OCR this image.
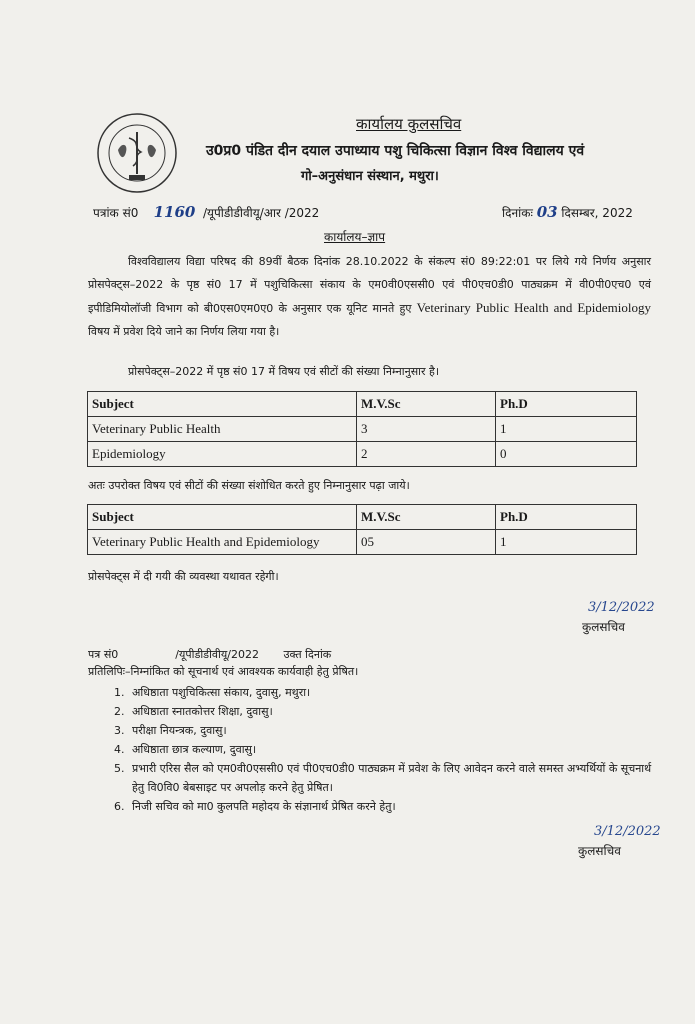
कार्यालय कुलसचिव
उ0प्र0 पंडित दीन दयाल उपाध्याय पशु चिकित्सा विज्ञान विश्व विद्यालय एवं
गो–अनुसंधान संस्थान, मथुरा।
पत्रांक सं0 1160 /यूपीडीडीवीयू/आर /2022	दिनांकः 03 दिसम्बर, 2022
कार्यालय–ज्ञाप

विश्वविद्यालय विद्या परिषद की 89वीं बैठक दिनांक 28.10.2022 के संकल्प सं0 89:22:01 पर लिये गये निर्णय अनुसार प्रोसपेक्ट्स–2022 के पृष्ठ सं0 17 में पशुचिकित्सा संकाय के एम0वी0एससी0 एवं पी0एच0डी0 पाठ्यक्रम में वी0पी0एच0 एवं इपीडिमियोलॉजी विभाग को बी0एस0एम0ए0 के अनुसार एक यूनिट मानते हुए Veterinary Public Health and Epidemiology विषय में प्रवेश दिये जाने का निर्णय लिया गया है।

प्रोसपेक्ट्स–2022 में पृष्ठ सं0 17 में विषय एवं सीटों की संख्या निम्नानुसार है।
Subject	M.V.Sc	Ph.D
Veterinary Public Health	3	1
Epidemiology	2	0
अतः उपरोक्त विषय एवं सीटों की संख्या संशोधित करते हुए निम्नानुसार पढ़ा जाये।
Subject	M.V.Sc	Ph.D
Veterinary Public Health and Epidemiology	05	1
प्रोसपेक्ट्स में दी गयी की व्यवस्था यथावत रहेगी।
3/12/2022
कुलसचिव
पत्र सं0	/यूपीडीडीवीयू/2022 उक्त दिनांक
प्रतिलिपिः–निम्नांकित को सूचनार्थ एवं आवश्यक कार्यवाही हेतु प्रेषित।
1. अधिष्ठाता पशुचिकित्सा संकाय, दुवासु, मथुरा।
2. अधिष्ठाता स्नातकोत्तर शिक्षा, दुवासु।
3. परीक्षा नियन्त्रक, दुवासु।
4. अधिष्ठाता छात्र कल्याण, दुवासु।
5. प्रभारी एरिस सैल को एम0वी0एससी0 एवं पी0एच0डी0 पाठ्यक्रम में प्रवेश के लिए आवेदन करने वाले समस्त अभ्यर्थियों के सूचनार्थ हेतु वि0वि0 बेबसाइट पर अपलोड़ करने हेतु प्रेषित।
6. निजी सचिव को मा0 कुलपति महोदय के संज्ञानार्थ प्रेषित करने हेतु।
3/12/2022
कुलसचिव
